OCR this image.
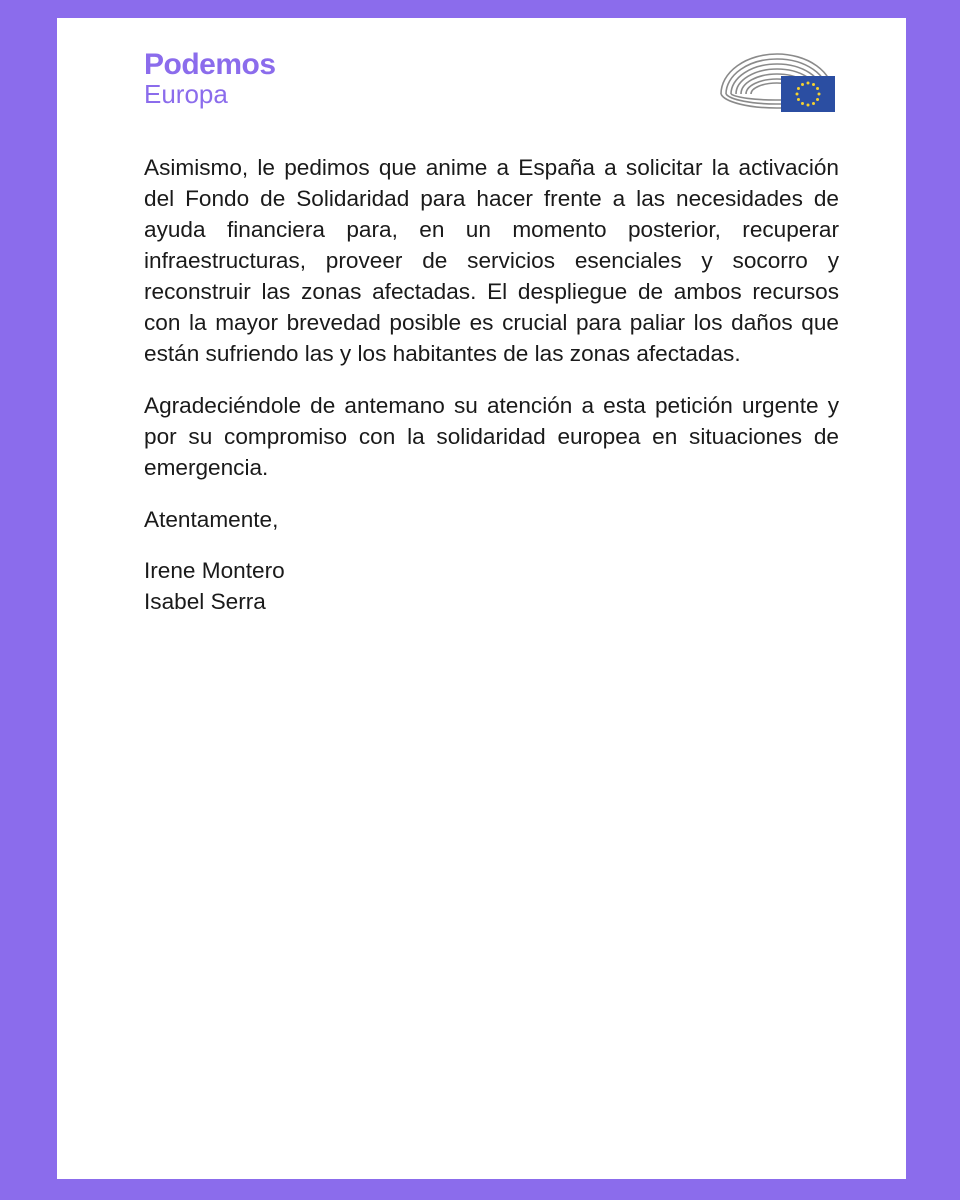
Podemos
Europa

Asimismo, le pedimos que anime a España a solicitar la activación del Fondo de Solidaridad para hacer frente a las necesidades de ayuda financiera para, en un momento posterior, recuperar infraestructuras, proveer de servicios esenciales y socorro y reconstruir las zonas afectadas. El despliegue de ambos recursos con la mayor brevedad posible es crucial para paliar los daños que están sufriendo las y los habitantes de las zonas afectadas.

Agradeciéndole de antemano su atención a esta petición urgente y por su compromiso con la solidaridad europea en situaciones de emergencia.

Atentamente,

Irene Montero

Isabel Serra
